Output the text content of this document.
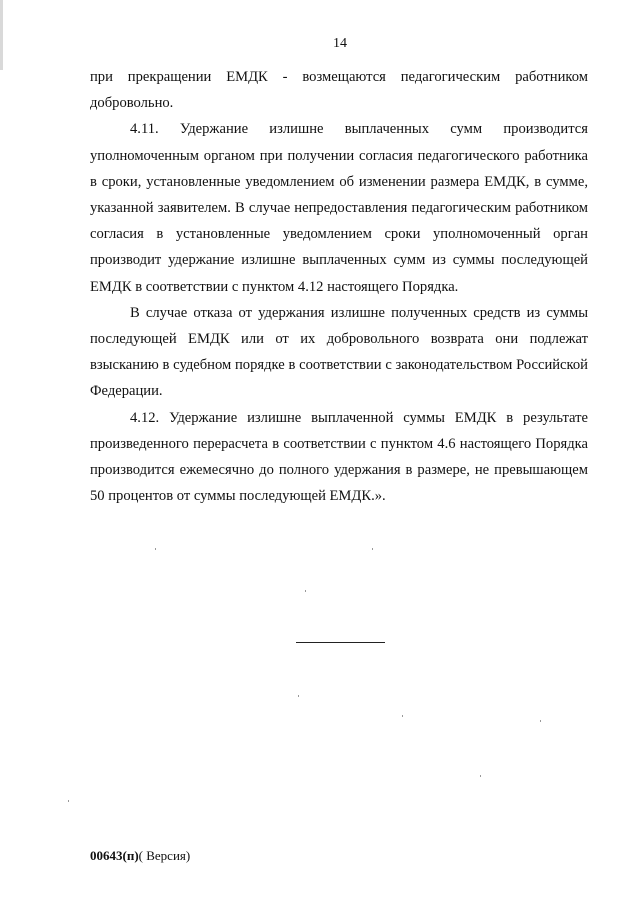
14

при прекращении ЕМДК - возмещаются педагогическим работником добровольно.

4.11. Удержание излишне выплаченных сумм производится уполномоченным органом при получении согласия педагогического работника в сроки, установленные уведомлением об изменении размера ЕМДК, в сумме, указанной заявителем. В случае непредоставления педагогическим работником согласия в установленные уведомлением сроки уполномоченный орган производит удержание излишне выплаченных сумм из суммы последующей ЕМДК в соответствии с пунктом 4.12 настоящего Порядка.

В случае отказа от удержания излишне полученных средств из суммы последующей ЕМДК или от их добровольного возврата они подлежат взысканию в судебном порядке в соответствии с законодательством Российской Федерации.

4.12. Удержание излишне выплаченной суммы ЕМДК в результате произведенного перерасчета в соответствии с пунктом 4.6 настоящего Порядка производится ежемесячно до полного удержания в размере, не превышающем 50 процентов от суммы последующей ЕМДК.».

00643(п)( Версия)
